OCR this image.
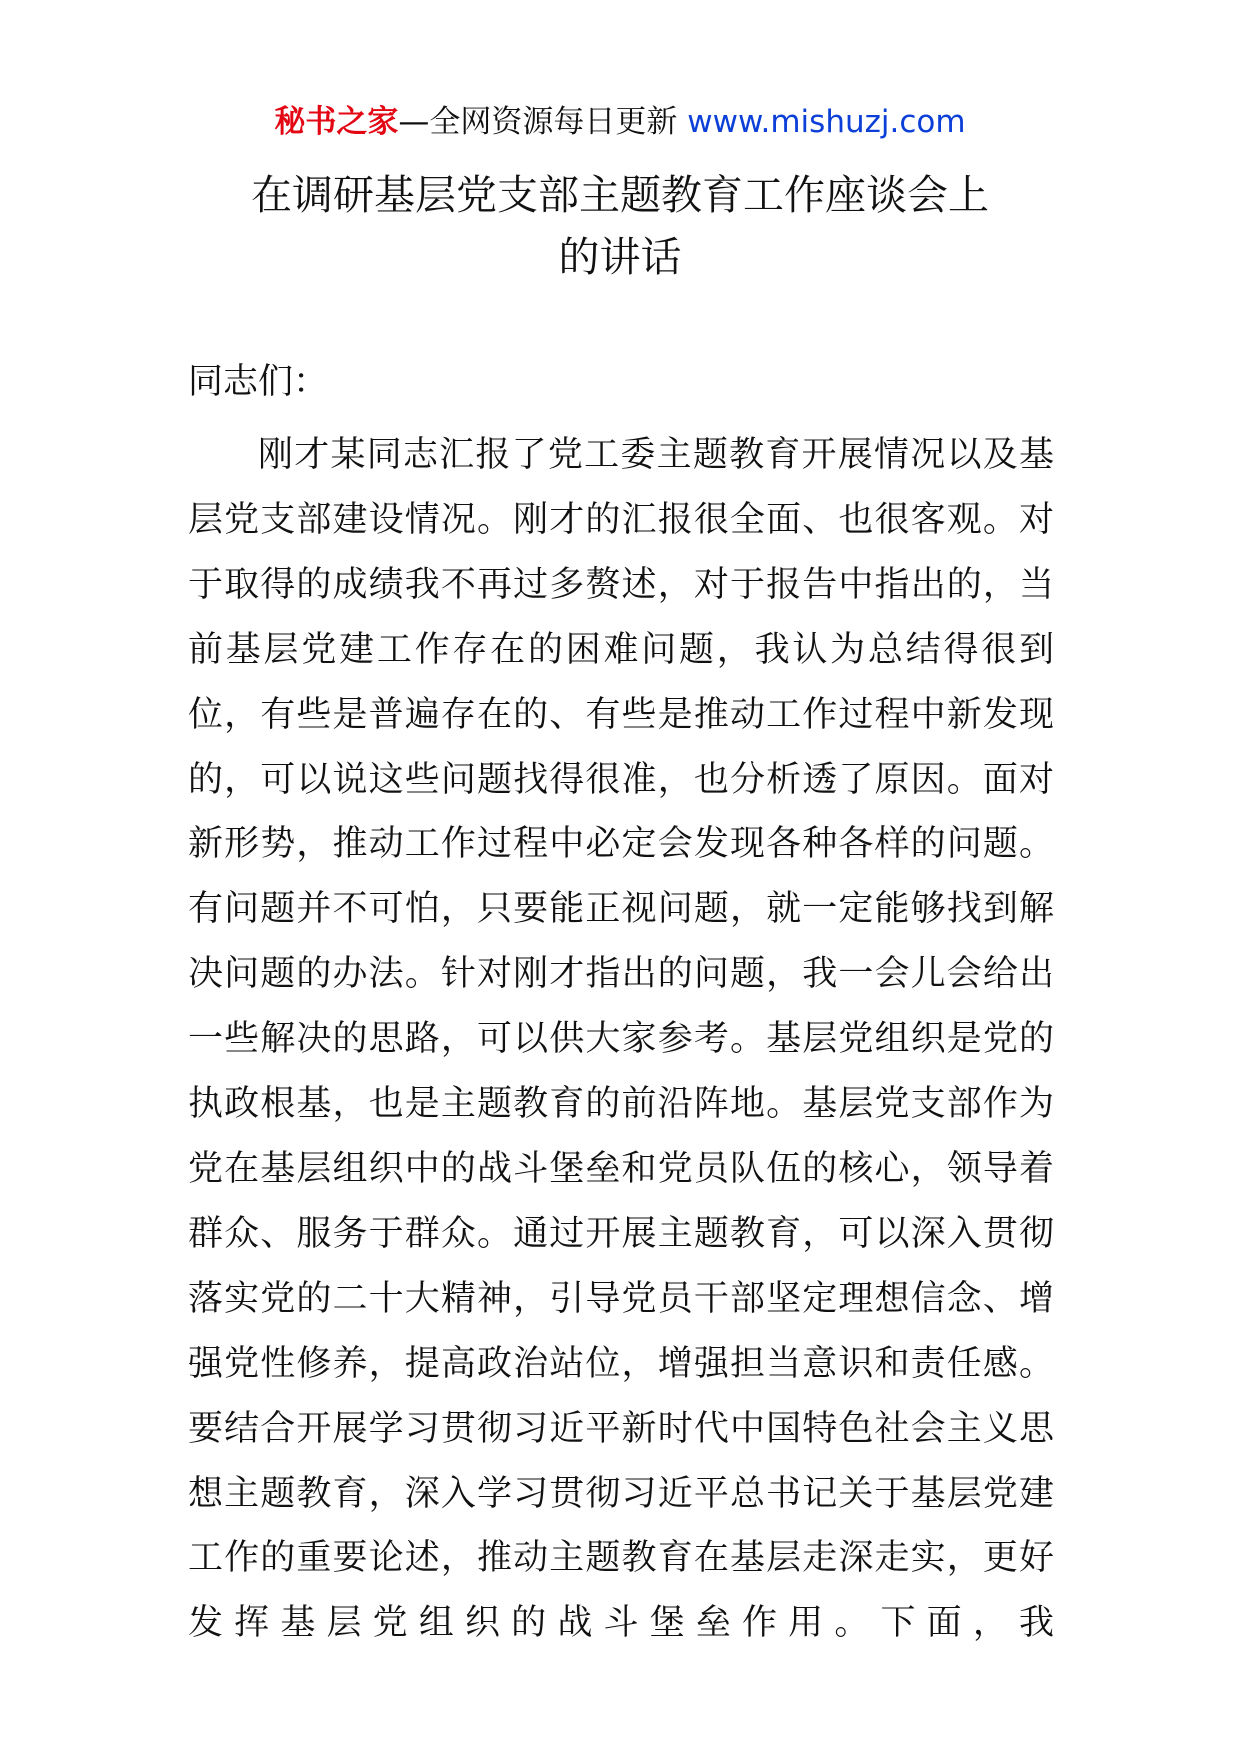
秘书之家—全网资源每日更新 www.mishuzj.com
在调研基层党支部主题教育工作座谈会上
的讲话
同志们：
刚才某同志汇报了党工委主题教育开展情况以及基层党支部建设情况。刚才的汇报很全面、也很客观。对于取得的成绩我不再过多赘述，对于报告中指出的，当前基层党建工作存在的困难问题，我认为总结得很到位，有些是普遍存在的、有些是推动工作过程中新发现的，可以说这些问题找得很准，也分析透了原因。面对新形势，推动工作过程中必定会发现各种各样的问题。有问题并不可怕，只要能正视问题，就一定能够找到解决问题的办法。针对刚才指出的问题，我一会儿会给出一些解决的思路，可以供大家参考。基层党组织是党的执政根基，也是主题教育的前沿阵地。基层党支部作为党在基层组织中的战斗堡垒和党员队伍的核心，领导着群众、服务于群众。通过开展主题教育，可以深入贯彻落实党的二十大精神，引导党员干部坚定理想信念、增强党性修养，提高政治站位，增强担当意识和责任感。要结合开展学习贯彻习近平新时代中国特色社会主义思想主题教育，深入学习贯彻习近平总书记关于基层党建工作的重要论述，推动主题教育在基层走深走实，更好发挥基层党组织的战斗堡垒作用。下面，我
